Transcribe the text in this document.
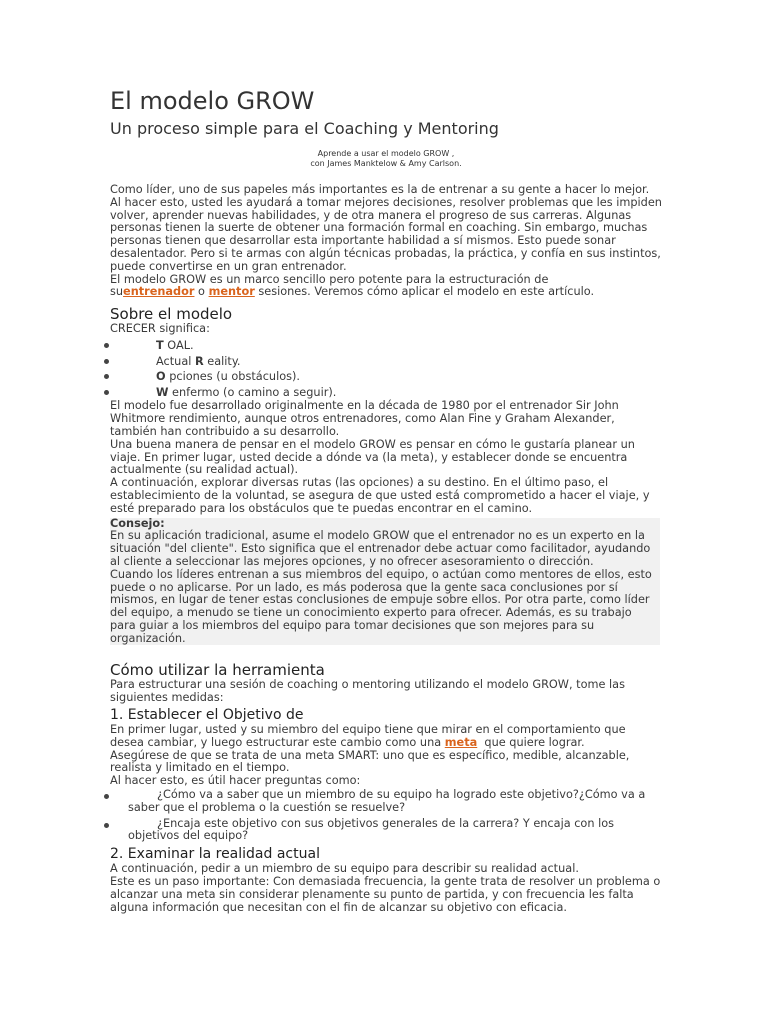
El modelo GROW
Un proceso simple para el Coaching y Mentoring
Aprende a usar el modelo GROW ,
con James Manktelow & Amy Carlson.

Como líder, uno de sus papeles más importantes es la de entrenar a su gente a hacer lo mejor.

Al hacer esto, usted les ayudará a tomar mejores decisiones, resolver problemas que les impiden volver, aprender nuevas habilidades, y de otra manera el progreso de sus carreras. Algunas personas tienen la suerte de obtener una formación formal en coaching. Sin embargo, muchas personas tienen que desarrollar esta importante habilidad a sí mismos. Esto puede sonar desalentador. Pero si te armas con algún técnicas probadas, la práctica, y confía en sus instintos, puede convertirse en un gran entrenador.

El modelo GROW es un marco sencillo pero potente para la estructuración de

suentrenador o mentor sesiones. Veremos cómo aplicar el modelo en este artículo.

Sobre el modelo

CRECER significa:

T OAL.
Actual R eality.
O pciones (u obstáculos).
W enfermo (o camino a seguir).

El modelo fue desarrollado originalmente en la década de 1980 por el entrenador Sir John Whitmore rendimiento, aunque otros entrenadores, como Alan Fine y Graham Alexander, también han contribuido a su desarrollo.

Una buena manera de pensar en el modelo GROW es pensar en cómo le gustaría planear un viaje. En primer lugar, usted decide a dónde va (la meta), y establecer donde se encuentra actualmente (su realidad actual).

A continuación, explorar diversas rutas (las opciones) a su destino. En el último paso, el establecimiento de la voluntad, se asegura de que usted está comprometido a hacer el viaje, y esté preparado para los obstáculos que te puedas encontrar en el camino.

Consejo:

En su aplicación tradicional, asume el modelo GROW que el entrenador no es un experto en la situación "del cliente". Esto significa que el entrenador debe actuar como facilitador, ayudando al cliente a seleccionar las mejores opciones, y no ofrecer asesoramiento o dirección.

Cuando los líderes entrenan a sus miembros del equipo, o actúan como mentores de ellos, esto puede o no aplicarse. Por un lado, es más poderosa que la gente saca conclusiones por sí mismos, en lugar de tener estas conclusiones de empuje sobre ellos. Por otra parte, como líder del equipo, a menudo se tiene un conocimiento experto para ofrecer. Además, es su trabajo para guiar a los miembros del equipo para tomar decisiones que son mejores para su organización.

Cómo utilizar la herramienta

Para estructurar una sesión de coaching o mentoring utilizando el modelo GROW, tome las siguientes medidas:

1. Establecer el Objetivo de

En primer lugar, usted y su miembro del equipo tiene que mirar en el comportamiento que desea cambiar, y luego estructurar este cambio como una meta  que quiere lograr.

Asegúrese de que se trata de una meta SMART: uno que es específico, medible, alcanzable, realista y limitado en el tiempo.

Al hacer esto, es útil hacer preguntas como:

¿Cómo va a saber que un miembro de su equipo ha logrado este objetivo?¿Cómo va a saber que el problema o la cuestión se resuelve?
¿Encaja este objetivo con sus objetivos generales de la carrera? Y encaja con los objetivos del equipo?
2. Examinar la realidad actual

A continuación, pedir a un miembro de su equipo para describir su realidad actual.

Este es un paso importante: Con demasiada frecuencia, la gente trata de resolver un problema o alcanzar una meta sin considerar plenamente su punto de partida, y con frecuencia les falta alguna información que necesitan con el fin de alcanzar su objetivo con eficacia.
